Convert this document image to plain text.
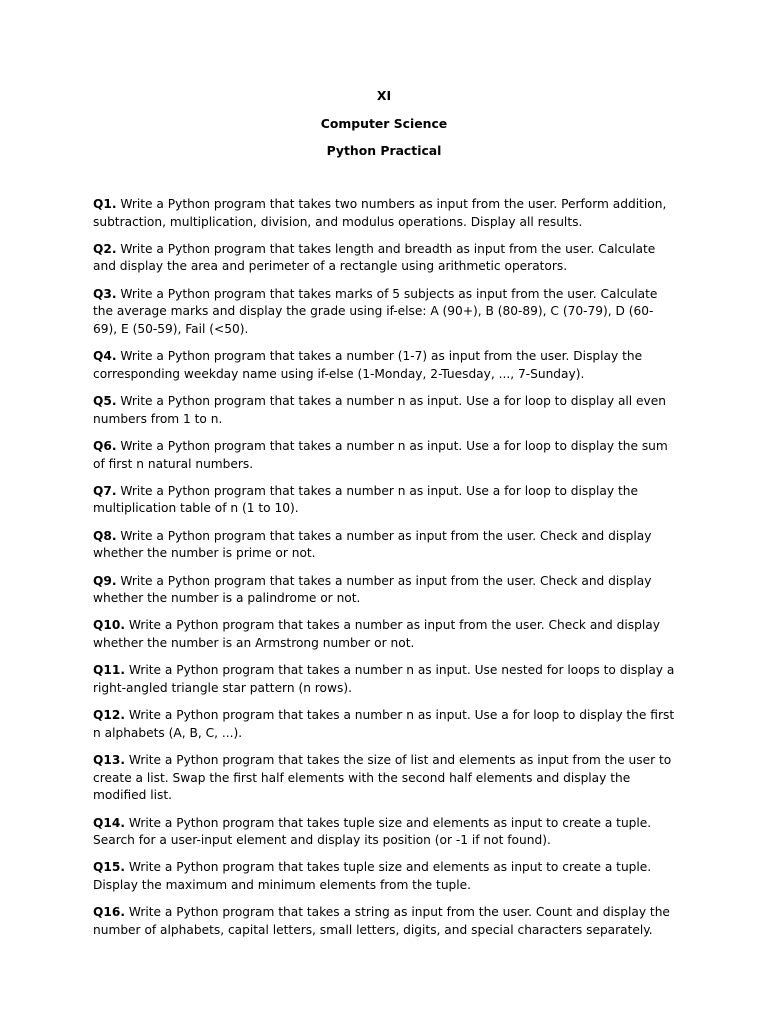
XI

Computer Science

Python Practical

Q1. Write a Python program that takes two numbers as input from the user. Perform addition, subtraction, multiplication, division, and modulus operations. Display all results.
Q2. Write a Python program that takes length and breadth as input from the user. Calculate and display the area and perimeter of a rectangle using arithmetic operators.
Q3. Write a Python program that takes marks of 5 subjects as input from the user. Calculate the average marks and display the grade using if-else: A (90+), B (80-89), C (70-79), D (60-69), E (50-59), Fail (<50).
Q4. Write a Python program that takes a number (1-7) as input from the user. Display the corresponding weekday name using if-else (1-Monday, 2-Tuesday, ..., 7-Sunday).
Q5. Write a Python program that takes a number n as input. Use a for loop to display all even numbers from 1 to n.
Q6. Write a Python program that takes a number n as input. Use a for loop to display the sum of first n natural numbers.
Q7. Write a Python program that takes a number n as input. Use a for loop to display the multiplication table of n (1 to 10).
Q8. Write a Python program that takes a number as input from the user. Check and display whether the number is prime or not.
Q9. Write a Python program that takes a number as input from the user. Check and display whether the number is a palindrome or not.
Q10. Write a Python program that takes a number as input from the user. Check and display whether the number is an Armstrong number or not.
Q11. Write a Python program that takes a number n as input. Use nested for loops to display a right-angled triangle star pattern (n rows).
Q12. Write a Python program that takes a number n as input. Use a for loop to display the first n alphabets (A, B, C, ...).
Q13. Write a Python program that takes the size of list and elements as input from the user to create a list. Swap the first half elements with the second half elements and display the modified list.
Q14. Write a Python program that takes tuple size and elements as input to create a tuple. Search for a user-input element and display its position (or -1 if not found).
Q15. Write a Python program that takes tuple size and elements as input to create a tuple. Display the maximum and minimum elements from the tuple.
Q16. Write a Python program that takes a string as input from the user. Count and display the number of alphabets, capital letters, small letters, digits, and special characters separately.
